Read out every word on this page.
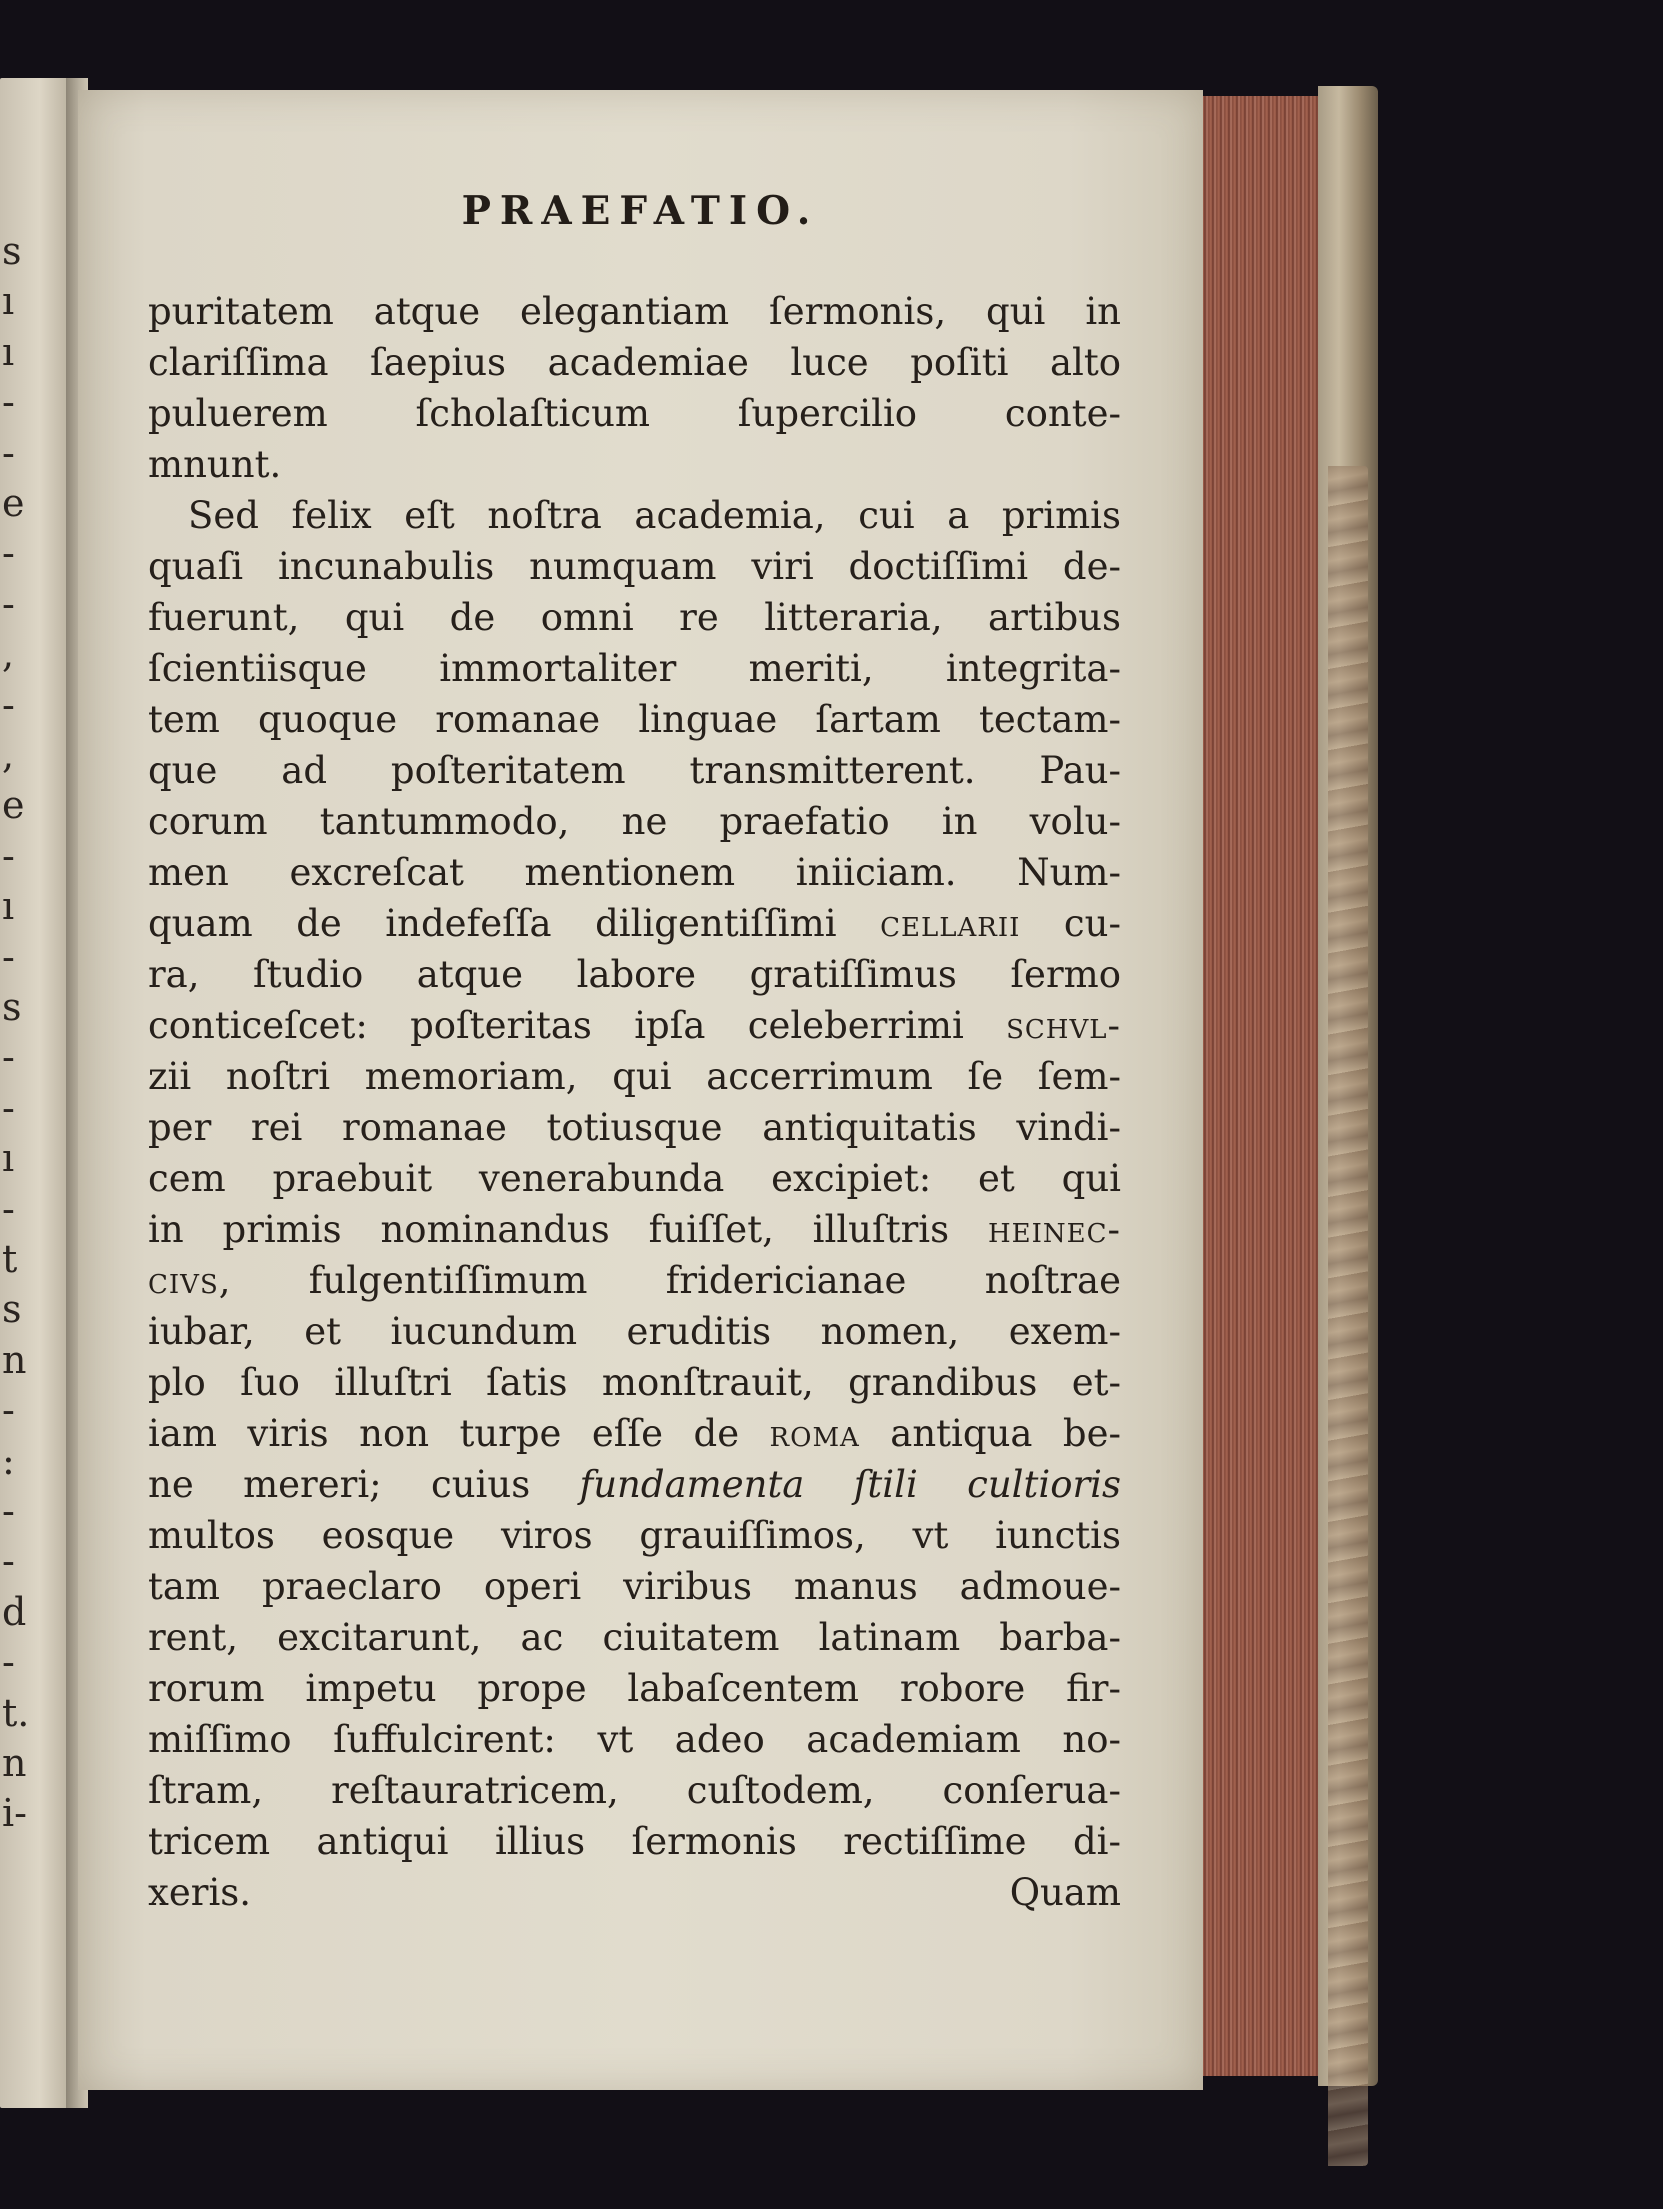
s
ı
ı
-
-
e
-
-
,
-
,
e
-
ı
-
s
-
-
ı
-
t
s
n
-
:
-
-
d
-
t.
n
i-
PRAEFATIO.
puritatem atque elegantiam ſermonis, qui in
clariſſima ſaepius academiae luce poſiti alto
puluerem ſcholaſticum ſupercilio conte-
mnunt.
Sed felix eſt noſtra academia, cui a primis
quaſi incunabulis numquam viri doctiſſimi de-
fuerunt, qui de omni re litteraria, artibus
ſcientiisque immortaliter meriti, integrita-
tem quoque romanae linguae ſartam tectam-
que ad poſteritatem transmitterent. Pau-
corum tantummodo, ne praefatio in volu-
men excreſcat mentionem iniiciam. Num-
quam de indefeſſa diligentiſſimi cellarii cu-
ra, ſtudio atque labore gratiſſimus ſermo
conticeſcet: poſteritas ipſa celeberrimi schvl-
zii noſtri memoriam, qui accerrimum ſe ſem-
per rei romanae totiusque antiquitatis vindi-
cem praebuit venerabunda excipiet: et qui
in primis nominandus fuiſſet, illuſtris heinec-
civs, fulgentiſſimum fridericianae noſtrae
iubar, et iucundum eruditis nomen, exem-
plo ſuo illuſtri ſatis monſtrauit, grandibus et-
iam viris non turpe eſſe de roma antiqua be-
ne mereri; cuius fundamenta ſtili cultioris
multos eosque viros grauiſſimos, vt iunctis
tam praeclaro operi viribus manus admoue-
rent, excitarunt, ac ciuitatem latinam barba-
rorum impetu prope labaſcentem robore fir-
miſſimo ſuffulcirent: vt adeo academiam no-
ſtram, reſtauratricem, cuſtodem, conſerua-
tricem antiqui illius ſermonis rectiſſime di-
xeris.	Quam
